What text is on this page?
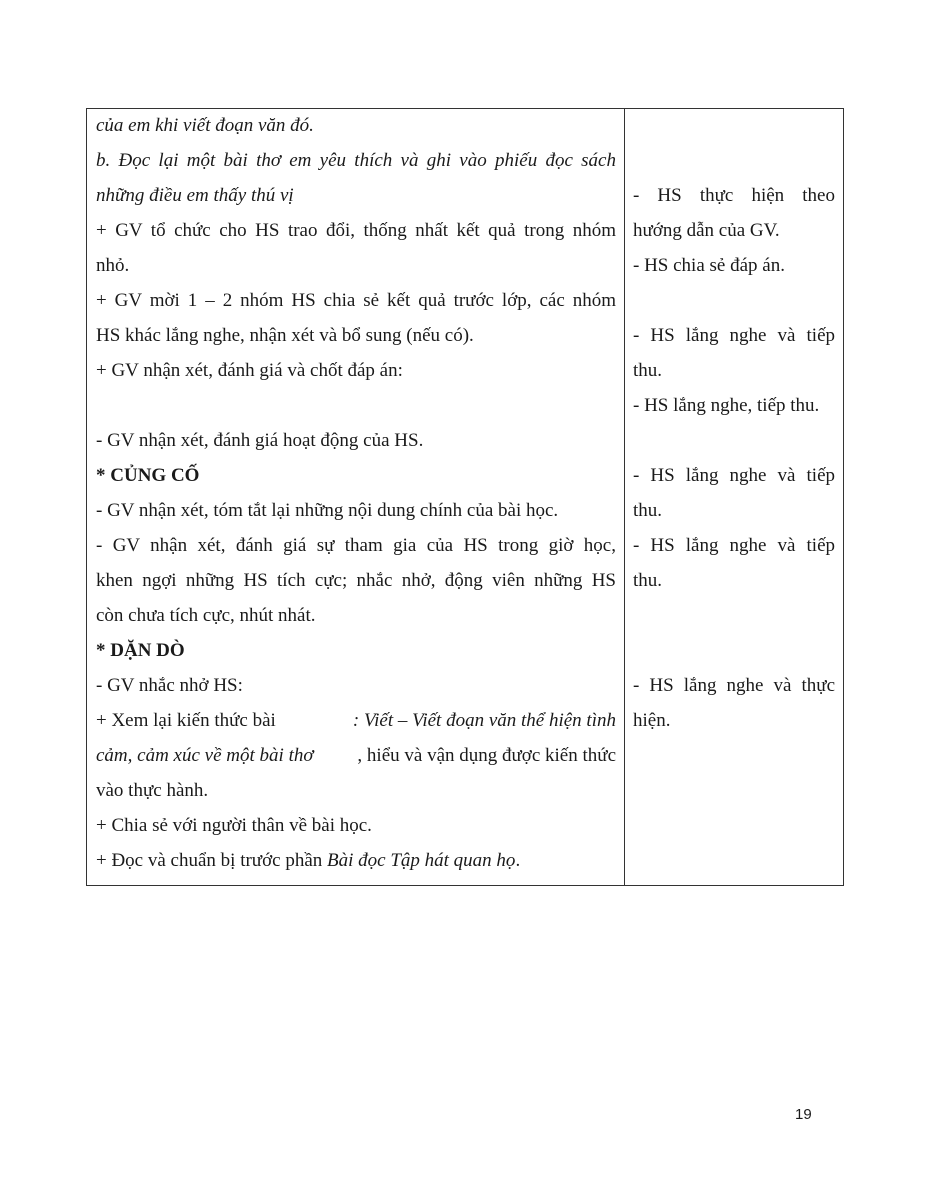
của em khi viết đoạn văn đó.
b. Đọc lại một bài thơ em yêu thích và ghi vào phiếu đọc sách
những điều em thấy thú vị
+ GV tổ chức cho HS trao đổi, thống nhất kết quả trong nhóm
nhỏ.
+ GV mời 1 – 2 nhóm HS chia sẻ kết quả trước lớp, các nhóm
HS khác lắng nghe, nhận xét và bổ sung (nếu có).
+ GV nhận xét, đánh giá và chốt đáp án:
- GV nhận xét, đánh giá hoạt động của HS.
* CỦNG CỐ
- GV nhận xét, tóm tắt lại những nội dung chính của bài học.
- GV nhận xét, đánh giá sự tham gia của HS trong giờ học,
khen ngợi những HS tích cực; nhắc nhở, động viên những HS
còn chưa tích cực, nhút nhát.
* DẶN DÒ
- GV nhắc nhở HS:
+ Xem lại kiến thức bài	: Viết – Viết đoạn văn thể hiện tình
cảm, cảm xúc về một bài thơ , hiểu và vận dụng được kiến thức
vào thực hành.
+ Chia sẻ với người thân về bài học.
+ Đọc và chuẩn bị trước phần Bài đọc Tập hát quan họ.
- HS thực hiện theo
hướng dẫn của GV.
- HS chia sẻ đáp án.
- HS lắng nghe và tiếp
thu.
- HS lắng nghe, tiếp thu.
- HS lắng nghe và tiếp
thu.
- HS lắng nghe và tiếp
thu.
- HS lắng nghe và thực
hiện.
19
